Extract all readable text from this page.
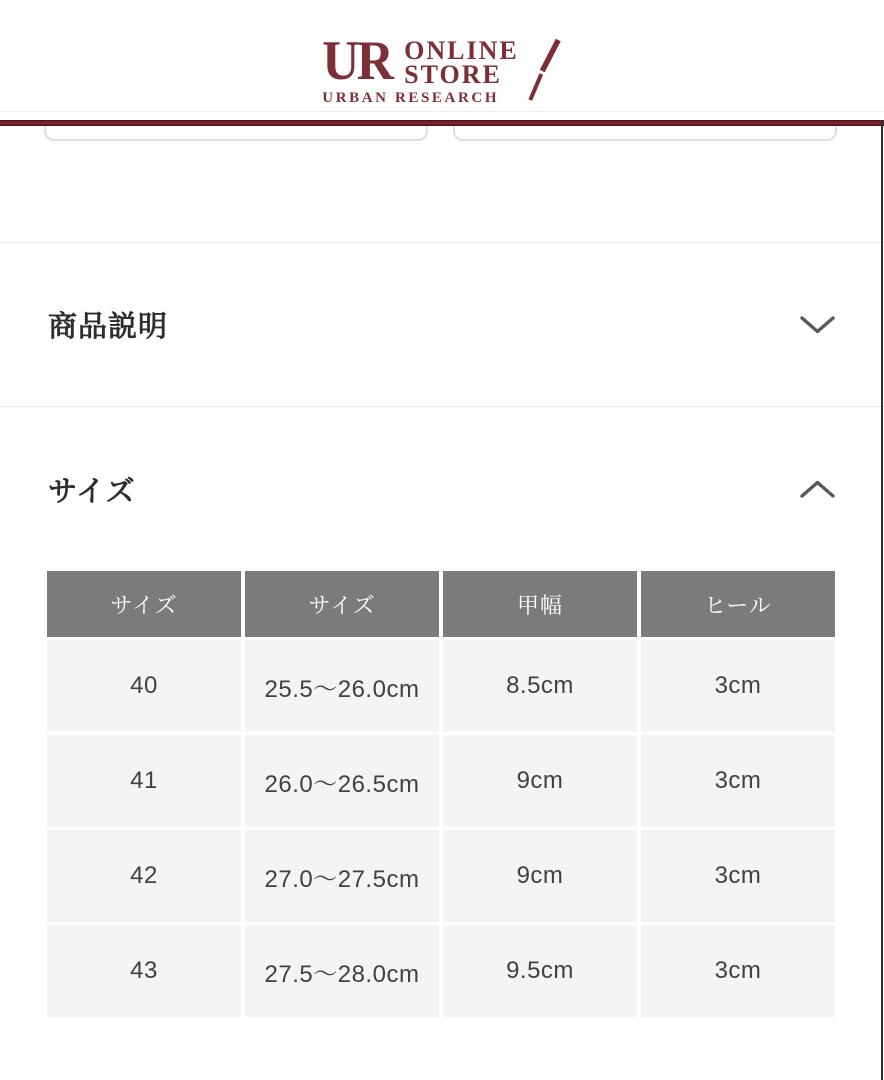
UR ONLINE
STORE
URBAN RESEARCH
商品説明
サイズ
サイズ	サイズ	甲幅	ヒール
40	25.5〜26.0cm	8.5cm	3cm
41	26.0〜26.5cm	9cm	3cm
42	27.0〜27.5cm	9cm	3cm
43	27.5〜28.0cm	9.5cm	3cm
